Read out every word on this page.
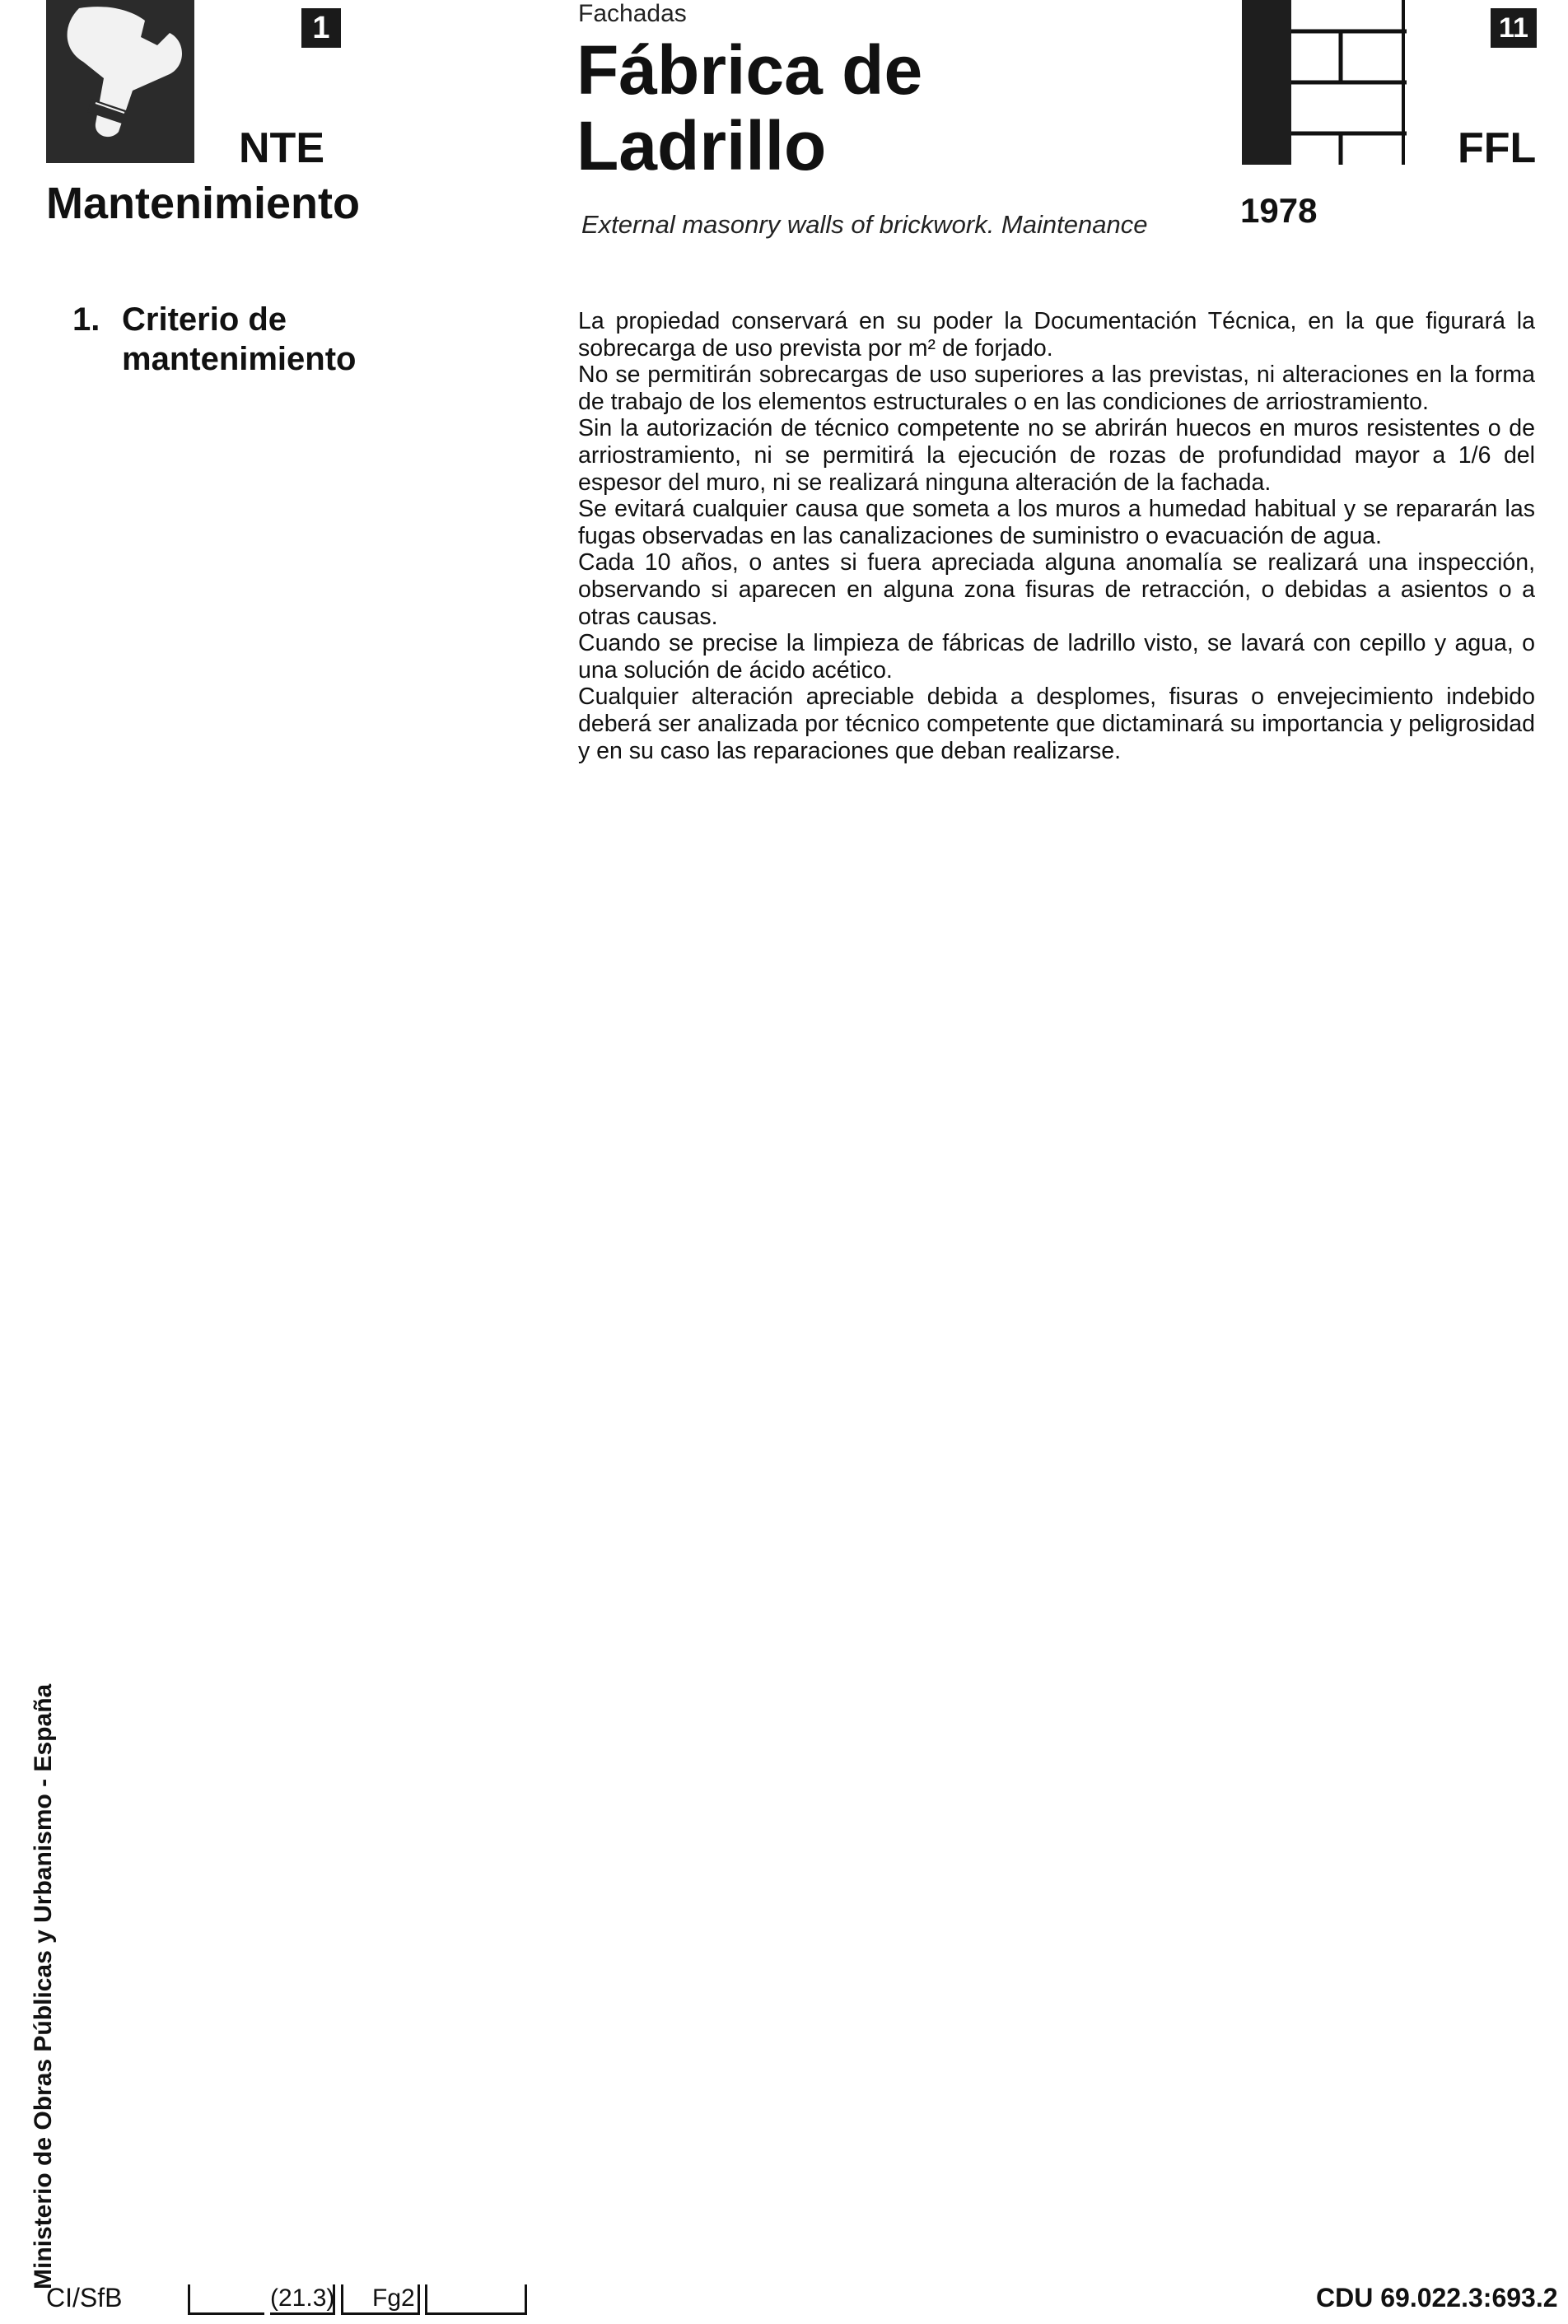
1
NTE
Mantenimiento
Fachadas
Fábrica de
Ladrillo
External masonry walls of brickwork. Maintenance
11
FFL
1978
1. Criterio de
mantenimiento

La propiedad conservará en su poder la Documentación Técnica, en la que figurará la sobrecarga de uso prevista por m² de forjado.

No se permitirán sobrecargas de uso superiores a las previstas, ni alteraciones en la forma de trabajo de los elementos estructurales o en las condiciones de arriostramiento.

Sin la autorización de técnico competente no se abrirán huecos en muros resistentes o de arriostramiento, ni se permitirá la ejecución de rozas de profundidad mayor a 1/6 del espesor del muro, ni se realizará ninguna alteración de la fachada.

Se evitará cualquier causa que someta a los muros a humedad habitual y se repararán las fugas observadas en las canalizaciones de suministro o evacuación de agua.

Cada 10 años, o antes si fuera apreciada alguna anomalía se realizará una inspección, observando si aparecen en alguna zona fisuras de retracción, o debidas a asientos o a otras causas.

Cuando se precise la limpieza de fábricas de ladrillo visto, se lavará con cepillo y agua, o una solución de ácido acético.

Cualquier alteración apreciable debida a desplomes, fisuras o envejecimiento indebido deberá ser analizada por técnico competente que dictaminará su importancia y peligrosidad y en su caso las reparaciones que deban realizarse.

Ministerio de Obras Públicas y Urbanismo - España
CI/SfB	(21.3) Fg2	CDU 69.022.3:693.2
